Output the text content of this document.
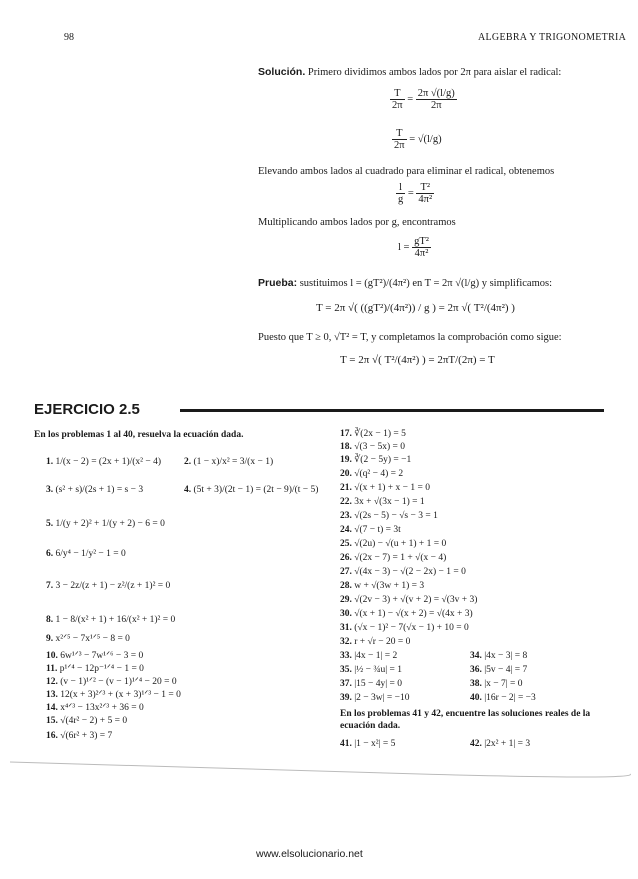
98	ALGEBRA Y TRIGONOMETRIA
Solución. Primero dividimos ambos lados por 2π para aislar el radical:
$\frac{T}{2\pi} = \frac{2\pi √(l/g)}{2\pi}$
$\frac{T}{2\pi} = √(l/g)$
Elevando ambos lados al cuadrado para eliminar el radical, obtenemos
$\frac{l}{g} = \frac{\text{T²}}{\text{4π²}}$
Multiplicando ambos lados por g, encontramos
$l = \frac{\text{gT²}}{\text{4π²}}$
Prueba: sustituimos l = (gT²)/(4π²) en T = 2π √(l/g) y simplificamos:
T = 2π √( ((gT²)/(4π²)) / g ) = 2π √( T²/(4π²) )
Puesto que T ≥ 0, √T² = T, y completamos la comprobación como sigue:
T = 2π √( T²/(4π²) ) = 2πT/(2π) = T
EJERCICIO 2.5
En los problemas 1 al 40, resuelva la ecuación dada.
1. 1/(x − 2) = (2x + 1)/(x² − 4) 2. (1 − x)/x² = 3/(x − 1)
3. (s² + s)/(2s + 1) = s − 3	4. (5t + 3)/(2t − 1) = (2t − 9)/(t − 5)
5. 1/(y + 2)² + 1/(y + 2) − 6 = 0
6. 6/y⁴ − 1/y² − 1 = 0
7. 3 − 2z/(z + 1) − z²/(z + 1)² = 0
8. 1 − 8/(x² + 1) + 16/(x² + 1)² = 0
9. x²ᐟ⁵ − 7x¹ᐟ⁵ − 8 = 0
10. 6w¹ᐟ³ − 7w¹ᐟ⁶ − 3 = 0
11. p¹ᐟ⁴ − 12p⁻¹ᐟ⁴ − 1 = 0
12. (v − 1)¹ᐟ² − (v − 1)¹ᐟ⁴ − 20 = 0
13. 12(x + 3)²ᐟ³ + (x + 3)¹ᐟ³ − 1 = 0
14. x⁴ᐟ³ − 13x²ᐟ³ + 36 = 0
15. √(4r² − 2) + 5 = 0
16. √(6r² + 3) = 7
17. ∛(2x − 1) = 5
18. √(3 − 5x) = 0
19. ∛(2 − 5y) = −1
20. √(q² − 4) = 2
21. √(x + 1) + x − 1 = 0
22. 3x + √(3x − 1) = 1
23. √(2s − 5) − √s − 3 = 1
24. √(7 − t) = 3t
25. √(2u) − √(u + 1) + 1 = 0
26. √(2x − 7) = 1 + √(x − 4)
27. √(4x − 3) − √(2 − 2x) − 1 = 0
28. w + √(3w + 1) = 3
29. √(2v − 3) + √(v + 2) = √(3v + 3)
30. √(x + 1) − √(x + 2) = √(4x + 3)
31. (√x − 1)² − 7(√x − 1) + 10 = 0
32. r + √r − 20 = 0
33. |4x − 1| = 2	34. |4x − 3| = 8
35. |½ − ¾u| = 1	36. |5v − 4| = 7
37. |15 − 4y| = 0	38. |x − 7| = 0
39. |2 − 3w| = −10	40. |16r − 2| = −3
En los problemas 41 y 42, encuentre las soluciones reales de la ecuación dada.
41. |1 − x²| = 5	42. |2x² + 1| = 3
www.elsolucionario.net
